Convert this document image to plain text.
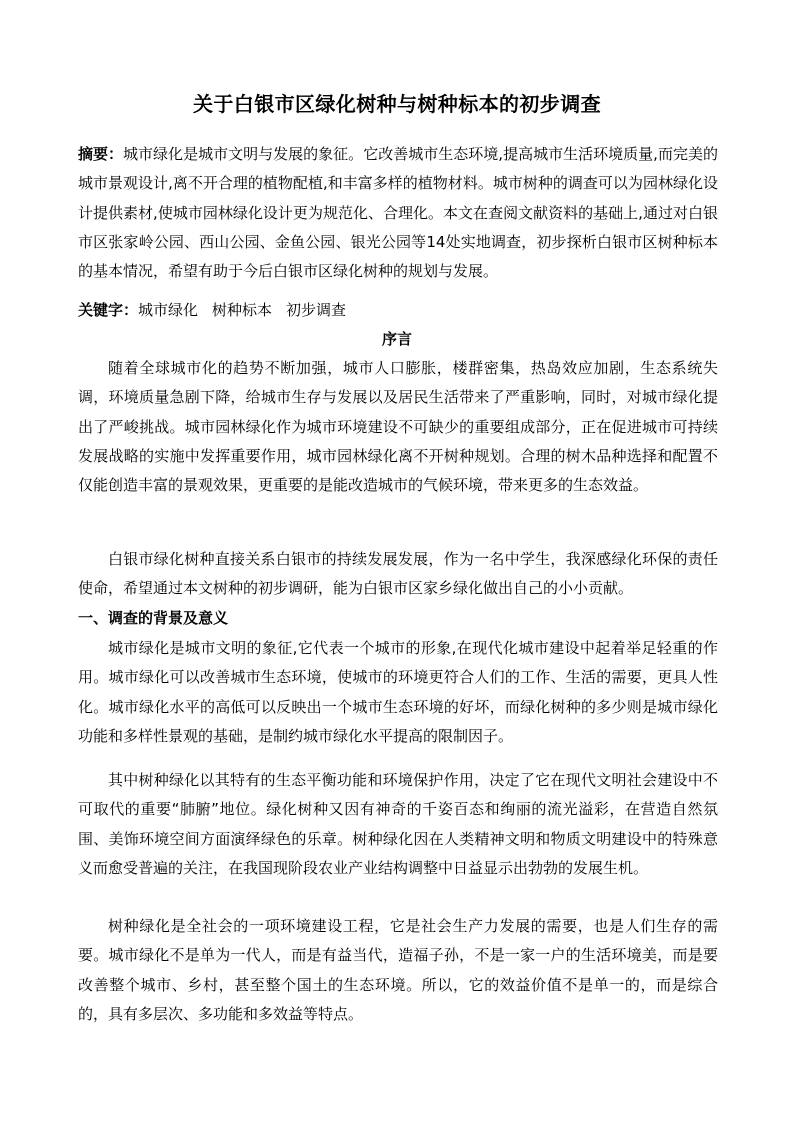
关于白银市区绿化树种与树种标本的初步调查
摘要：城市绿化是城市文明与发展的象征。它改善城市生态环境,提高城市生活环境质量,而完美的城市景观设计,离不开合理的植物配植,和丰富多样的植物材料。城市树种的调查可以为园林绿化设计提供素材,使城市园林绿化设计更为规范化、合理化。本文在查阅文献资料的基础上,通过对白银市区张家岭公园、西山公园、金鱼公园、银光公园等14处实地调查，初步探析白银市区树种标本的基本情况，希望有助于今后白银市区绿化树种的规划与发展。
关键字：城市绿化 树种标本 初步调查
序言
随着全球城市化的趋势不断加强，城市人口膨胀，楼群密集，热岛效应加剧，生态系统失调，环境质量急剧下降，给城市生存与发展以及居民生活带来了严重影响，同时，对城市绿化提出了严峻挑战。城市园林绿化作为城市环境建设不可缺少的重要组成部分，正在促进城市可持续发展战略的实施中发挥重要作用，城市园林绿化离不开树种规划。合理的树木品种选择和配置不仅能创造丰富的景观效果，更重要的是能改造城市的气候环境，带来更多的生态效益。
白银市绿化树种直接关系白银市的持续发展发展，作为一名中学生，我深感绿化环保的责任使命，希望通过本文树种的初步调研，能为白银市区家乡绿化做出自己的小小贡献。
一、调查的背景及意义
城市绿化是城市文明的象征,它代表一个城市的形象,在现代化城市建设中起着举足轻重的作用。城市绿化可以改善城市生态环境，使城市的环境更符合人们的工作、生活的需要，更具人性化。城市绿化水平的高低可以反映出一个城市生态环境的好坏，而绿化树种的多少则是城市绿化功能和多样性景观的基础，是制约城市绿化水平提高的限制因子。
其中树种绿化以其特有的生态平衡功能和环境保护作用，决定了它在现代文明社会建设中不可取代的重要“肺腑”地位。绿化树种又因有神奇的千姿百态和绚丽的流光溢彩，在营造自然氛围、美饰环境空间方面演绎绿色的乐章。树种绿化因在人类精神文明和物质文明建设中的特殊意义而愈受普遍的关注，在我国现阶段农业产业结构调整中日益显示出勃勃的发展生机。
树种绿化是全社会的一项环境建设工程，它是社会生产力发展的需要，也是人们生存的需要。城市绿化不是单为一代人，而是有益当代，造福子孙，不是一家一户的生活环境美，而是要改善整个城市、乡村，甚至整个国土的生态环境。所以，它的效益价值不是单一的，而是综合的，具有多层次、多功能和多效益等特点。
